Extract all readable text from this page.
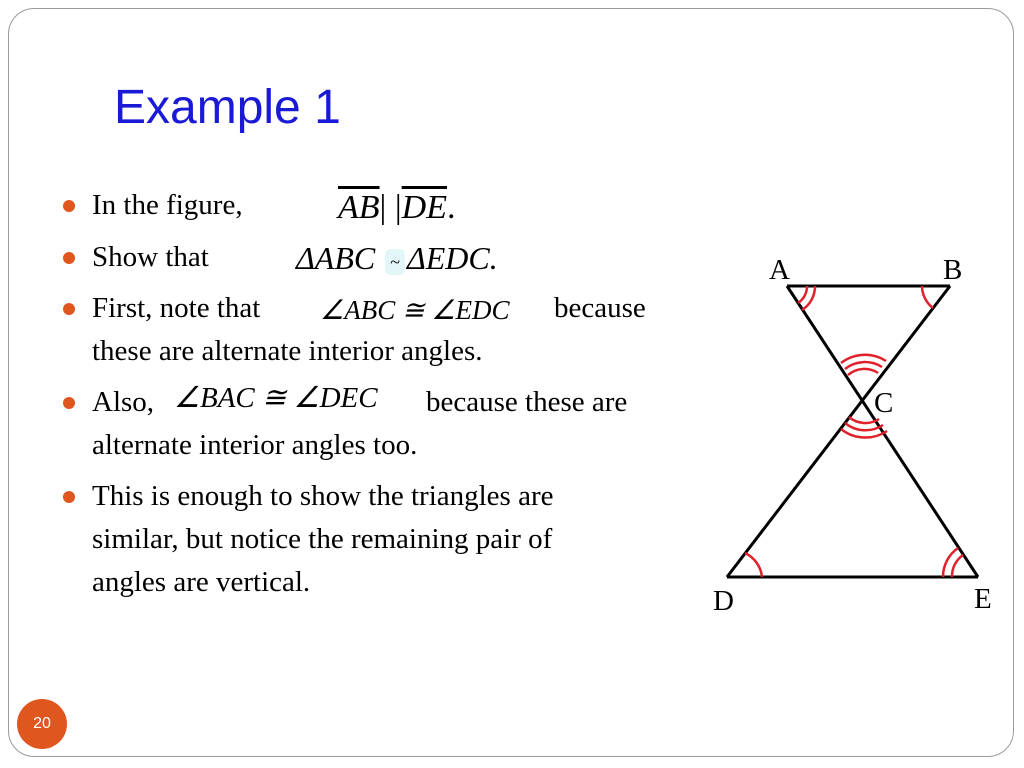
Example 1
In the figure,	$\overline{AB}|$ $|\overline{DE}$.
Show that	ΔABC ~ ΔEDC.
First, note that ∠ABC ≅ ∠EDC because
these are alternate interior angles.
Also, ∠BAC ≅ ∠DEC because these are
alternate interior angles too.
This is enough to show the triangles are
similar, but notice the remaining pair of
angles are vertical.
A	B
C
D	E
20
